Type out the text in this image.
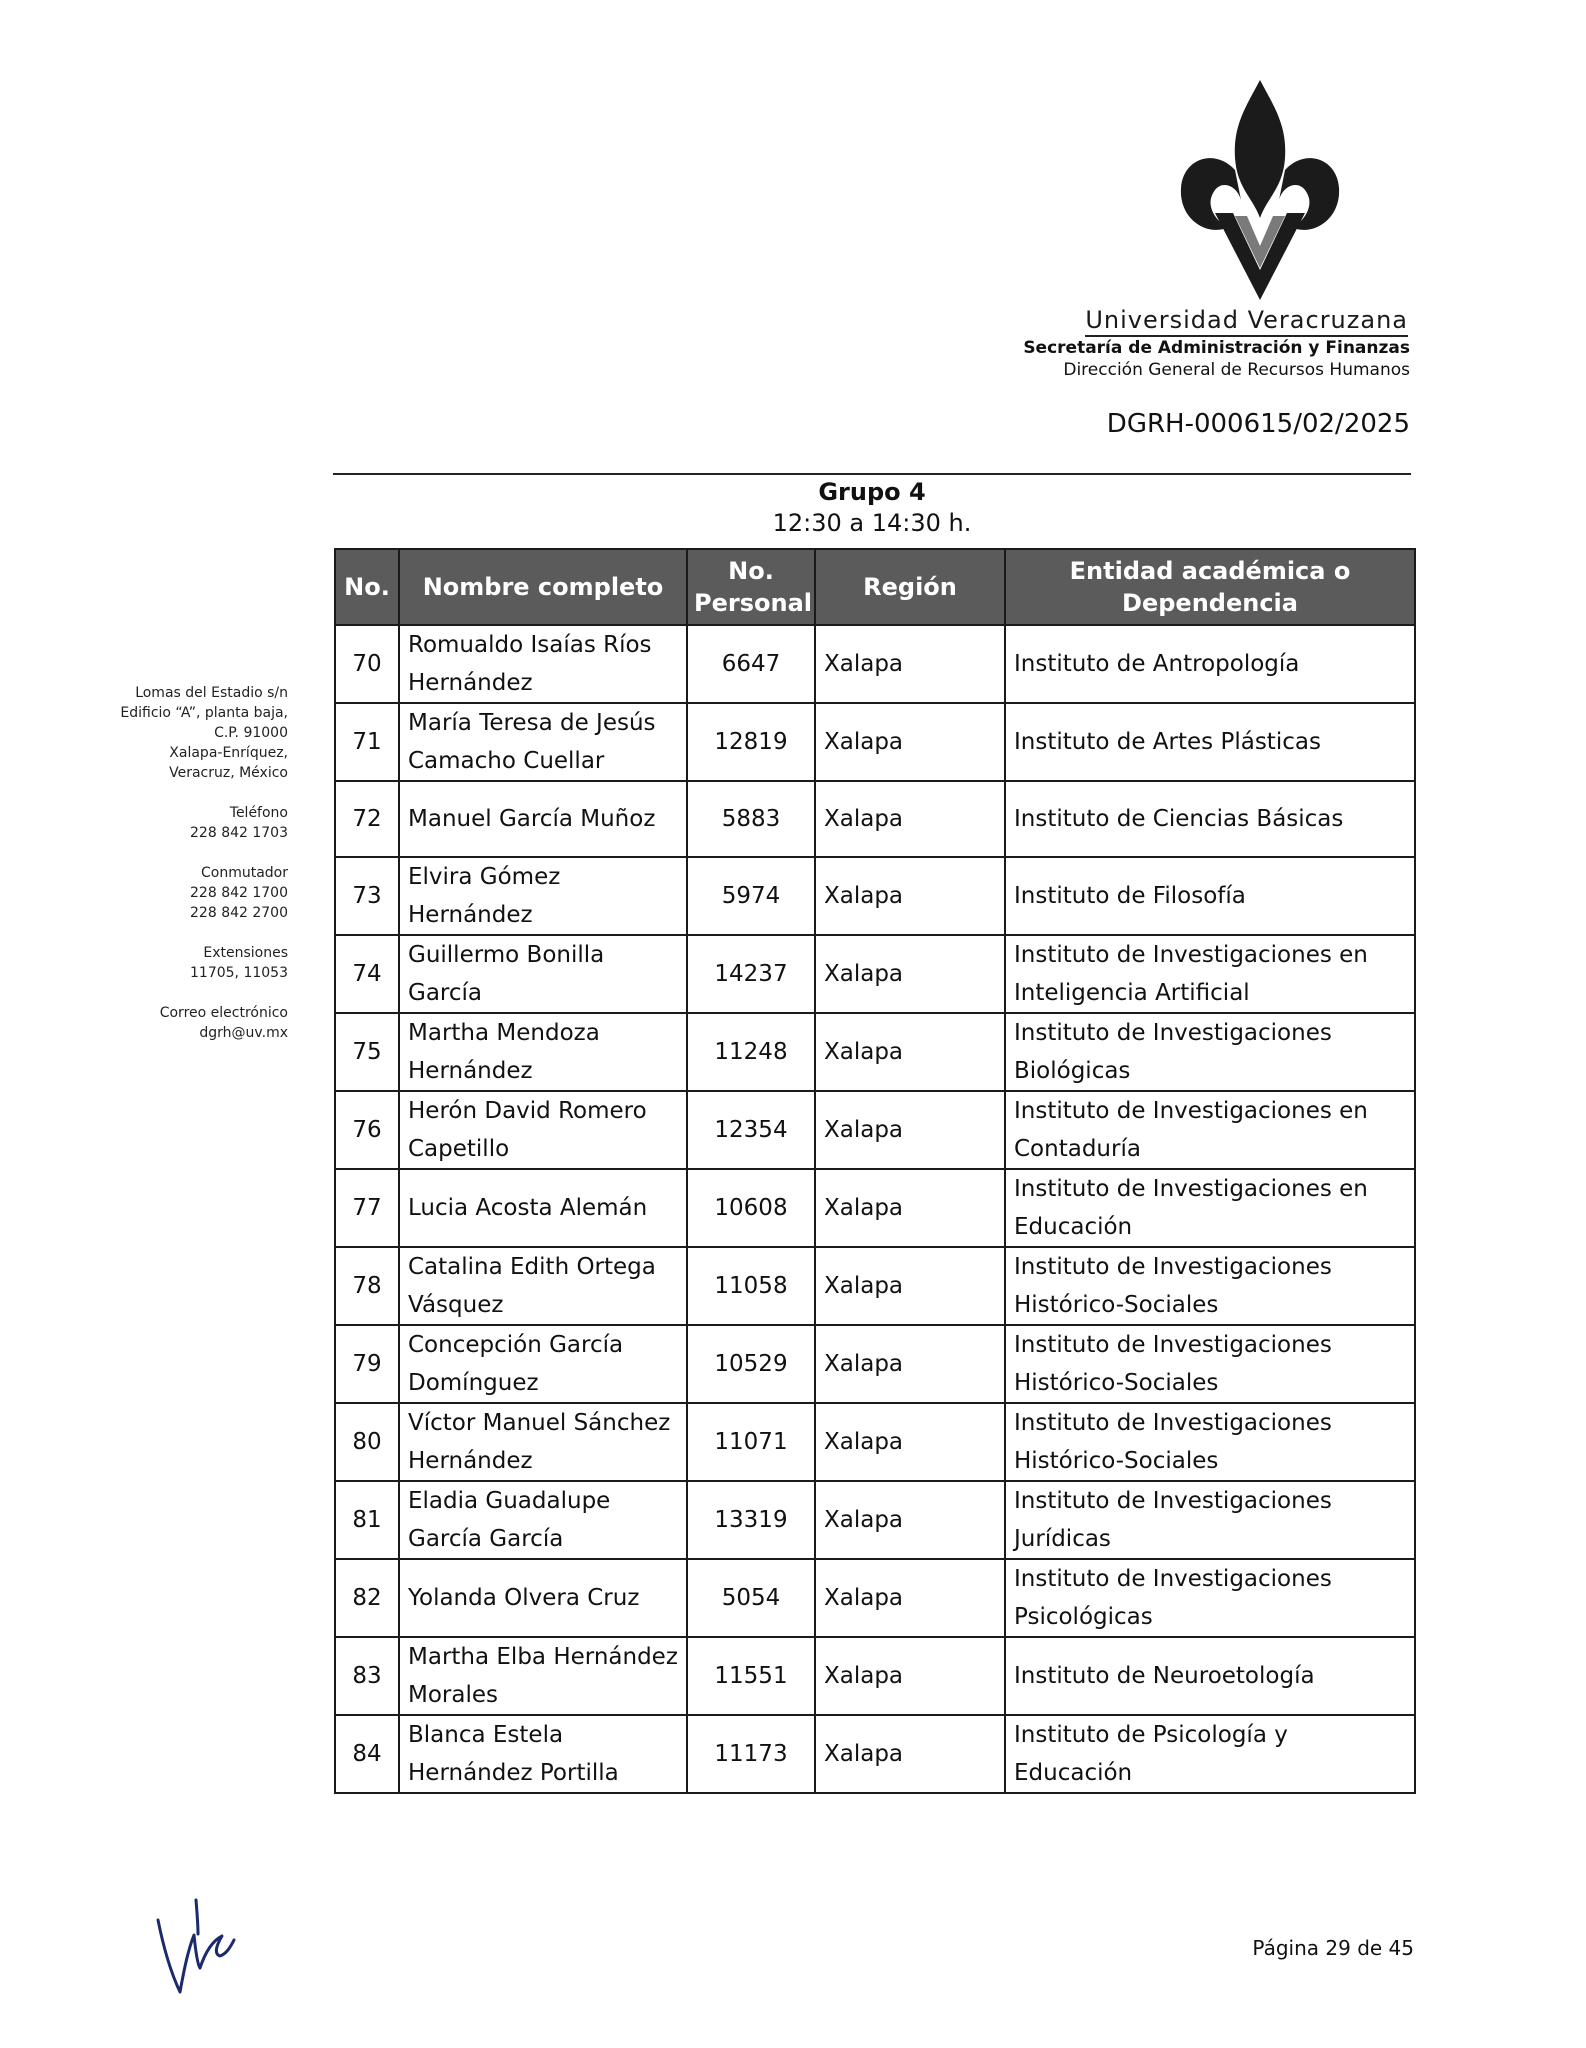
Universidad Veracruzana
Secretaría de Administración y Finanzas
Dirección General de Recursos Humanos
DGRH-000615/02/2025
Grupo 4
12:30 a 14:30 h.
Lomas del Estadio s/n
Edificio “A”, planta baja,
C.P. 91000
Xalapa-Enríquez,
Veracruz, México
Teléfono
228 842 1703
Conmutador
228 842 1700
228 842 2700
Extensiones
11705, 11053
Correo electrónico
dgrh@uv.mx
No.	Nombre completo	No. Personal	Región	Entidad académica o Dependencia
70	Romualdo Isaías Ríos Hernández	6647	Xalapa	Instituto de Antropología
71	María Teresa de Jesús Camacho Cuellar	12819	Xalapa	Instituto de Artes Plásticas
72	Manuel García Muñoz	5883	Xalapa	Instituto de Ciencias Básicas
73	Elvira Gómez Hernández	5974	Xalapa	Instituto de Filosofía
74	Guillermo Bonilla García	14237	Xalapa	Instituto de Investigaciones en Inteligencia Artificial
75	Martha Mendoza Hernández	11248	Xalapa	Instituto de Investigaciones Biológicas
76	Herón David Romero Capetillo	12354	Xalapa	Instituto de Investigaciones en Contaduría
77	Lucia Acosta Alemán	10608	Xalapa	Instituto de Investigaciones en Educación
78	Catalina Edith Ortega Vásquez	11058	Xalapa	Instituto de Investigaciones Histórico-Sociales
79	Concepción García Domínguez	10529	Xalapa	Instituto de Investigaciones Histórico-Sociales
80	Víctor Manuel Sánchez Hernández	11071	Xalapa	Instituto de Investigaciones Histórico-Sociales
81	Eladia Guadalupe García García	13319	Xalapa	Instituto de Investigaciones Jurídicas
82	Yolanda Olvera Cruz	5054	Xalapa	Instituto de Investigaciones Psicológicas
83	Martha Elba Hernández Morales	11551	Xalapa	Instituto de Neuroetología
84	Blanca Estela Hernández Portilla	11173	Xalapa	Instituto de Psicología y Educación
Página 29 de 45
